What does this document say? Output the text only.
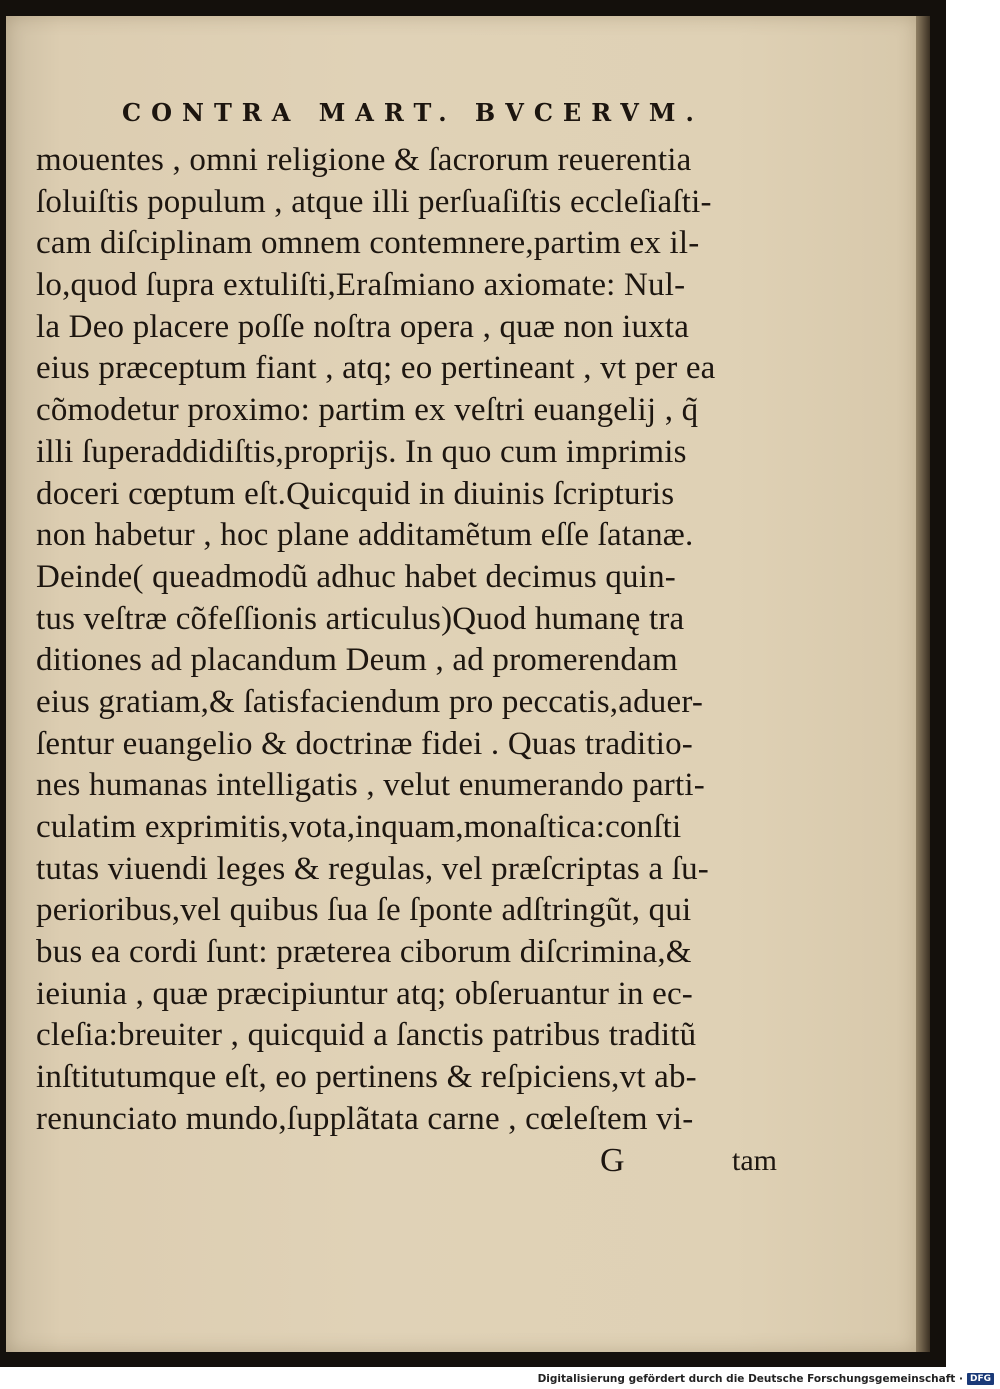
CONTRA MART. BVCERVM.
mouentes , omni religione & ſacrorum reuerentia
ſoluiſtis populum , atque illi perſuaſiſtis eccleſiaſti-
cam diſciplinam omnem contemnere,partim ex il-
lo,quod ſupra extuliſti,Eraſmiano axiomate: Nul-
la Deo placere poſſe noſtra opera , quæ non iuxta
eius præceptum fiant , atq; eo pertineant , vt per ea
cõmodetur proximo: partim ex veſtri euangelij , q̃
illi ſuperaddidiſtis,proprijs. In quo cum imprimis
doceri cœptum eſt.Quicquid in diuinis ſcripturis
non habetur , hoc plane additamẽtum eſſe ſatanæ.
Deinde( queadmodũ adhuc habet decimus quin-
tus veſtræ cõfeſſionis articulus)Quod humanę tra
ditiones ad placandum Deum , ad promerendam
eius gratiam,& ſatisfaciendum pro peccatis,aduer-
ſentur euangelio & doctrinæ fidei . Quas traditio-
nes humanas intelligatis , velut enumerando parti-
culatim exprimitis,vota,inquam,monaſtica:conſti
tutas viuendi leges & regulas, vel præſcriptas a ſu-
perioribus,vel quibus ſua ſe ſponte adſtringũt, qui
bus ea cordi ſunt: præterea ciborum diſcrimina,&
ieiunia , quæ præcipiuntur atq; obſeruantur in ec-
cleſia:breuiter , quicquid a ſanctis patribus traditũ
inſtitutumque eſt, eo pertinens & reſpiciens,vt ab-
renunciato mundo,ſupplãtata carne , cœleſtem vi-
G	tam
Digitalisierung gefördert durch die Deutsche Forschungsgemeinschaft · DFG
